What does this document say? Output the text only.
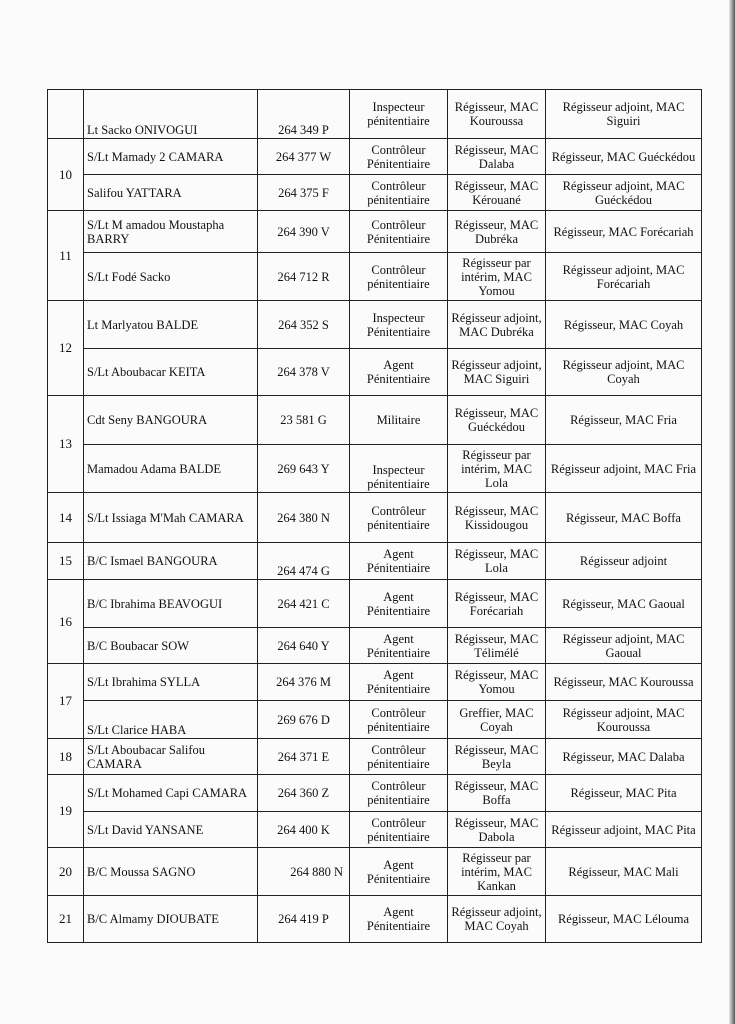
	Lt Sacko ONIVOGUI	264 349 P	Inspecteur pénitentiaire	Régisseur, MAC Kouroussa	Régisseur adjoint, MAC Siguiri
10	S/Lt Mamady 2 CAMARA	264 377 W	Contrôleur Pénitentiaire	Régisseur, MAC Dalaba	Régisseur, MAC Guéckédou
	Salifou YATTARA	264 375 F	Contrôleur pénitentiaire	Régisseur, MAC Kérouané	Régisseur adjoint, MAC Guéckédou
11	S/Lt M amadou Moustapha BARRY	264 390 V	Contrôleur Pénitentiaire	Régisseur, MAC Dubréka	Régisseur, MAC Forécariah
	S/Lt Fodé Sacko	264 712 R	Contrôleur pénitentiaire	Régisseur par intérim, MAC Yomou	Régisseur adjoint, MAC Forécariah
12	Lt Marlyatou BALDE	264 352 S	Inspecteur Pénitentiaire	Régisseur adjoint, MAC Dubréka	Régisseur, MAC Coyah
	S/Lt Aboubacar KEITA	264 378 V	Agent Pénitentiaire	Régisseur adjoint, MAC Siguiri	Régisseur adjoint, MAC Coyah
13	Cdt Seny BANGOURA	23 581 G	Militaire	Régisseur, MAC Guéckédou	Régisseur, MAC Fria
	Mamadou Adama BALDE	269 643 Y	Inspecteur pénitentiaire	Régisseur par intérim, MAC Lola	Régisseur adjoint, MAC Fria
14	S/Lt Issiaga M'Mah CAMARA	264 380 N	Contrôleur pénitentiaire	Régisseur, MAC Kissidougou	Régisseur, MAC Boffa
15	B/C Ismael BANGOURA	264 474 G	Agent Pénitentiaire	Régisseur, MAC Lola	Régisseur adjoint
16	B/C Ibrahima BEAVOGUI	264 421 C	Agent Pénitentiaire	Régisseur, MAC Forécariah	Régisseur, MAC Gaoual
	B/C Boubacar SOW	264 640 Y	Agent Pénitentiaire	Régisseur, MAC Télimélé	Régisseur adjoint, MAC Gaoual
17	S/Lt Ibrahima SYLLA	264 376 M	Agent Pénitentiaire	Régisseur, MAC Yomou	Régisseur, MAC Kouroussa
	S/Lt Clarice HABA	269 676 D	Contrôleur pénitentiaire	Greffier, MAC Coyah	Régisseur adjoint, MAC Kouroussa
18	S/Lt Aboubacar Salifou CAMARA	264 371 E	Contrôleur pénitentiaire	Régisseur, MAC Beyla	Régisseur, MAC Dalaba
19	S/Lt Mohamed Capi CAMARA	264 360 Z	Contrôleur pénitentiaire	Régisseur, MAC Boffa	Régisseur, MAC Pita
	S/Lt David YANSANE	264 400 K	Contrôleur pénitentiaire	Régisseur, MAC Dabola	Régisseur adjoint, MAC Pita
20	B/C Moussa SAGNO	264 880 N	Agent Pénitentiaire	Régisseur par intérim, MAC Kankan	Régisseur, MAC Mali
21	B/C Almamy DIOUBATE	264 419 P	Agent Pénitentiaire	Régisseur adjoint, MAC Coyah	Régisseur, MAC Lélouma
